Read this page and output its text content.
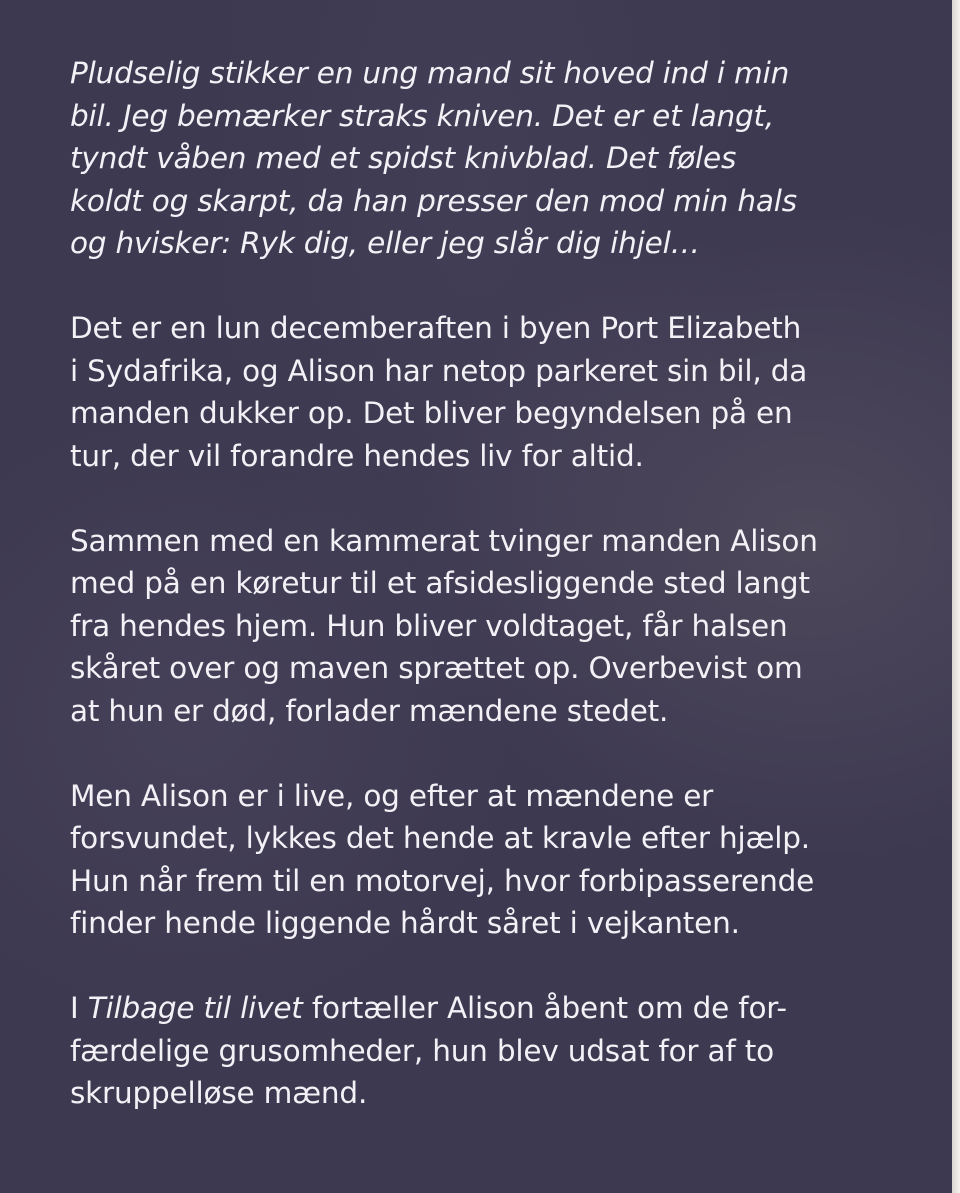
Pludselig stikker en ung mand sit hoved ind i min
bil. Jeg bemærker straks kniven. Det er et langt,
tyndt våben med et spidst knivblad. Det føles
koldt og skarpt, da han presser den mod min hals
og hvisker: Ryk dig, eller jeg slår dig ihjel…

Det er en lun decemberaften i byen Port Elizabeth
i Sydafrika, og Alison har netop parkeret sin bil, da
manden dukker op. Det bliver begyndelsen på en
tur, der vil forandre hendes liv for altid.

Sammen med en kammerat tvinger manden Alison
med på en køretur til et afsidesliggende sted langt
fra hendes hjem. Hun bliver voldtaget, får halsen
skåret over og maven sprættet op. Overbevist om
at hun er død, forlader mændene stedet.

Men Alison er i live, og efter at mændene er
forsvundet, lykkes det hende at kravle efter hjælp.
Hun når frem til en motorvej, hvor forbipasserende
finder hende liggende hårdt såret i vejkanten.

I Tilbage til livet fortæller Alison åbent om de for-
færdelige grusomheder, hun blev udsat for af to
skruppelløse mænd.
